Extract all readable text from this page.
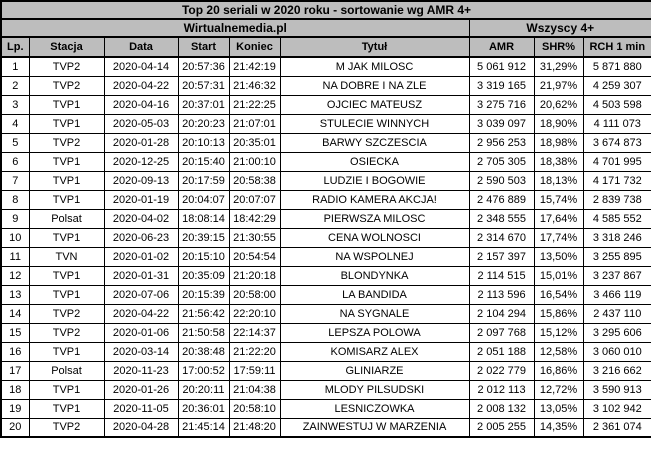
Top 20 seriali w 2020 roku - sortowanie wg AMR 4+								
Wirtualnemedia.pl						Wszyscy 4+		
Lp.	Stacja	Data	Start	Koniec	Tytuł	AMR	SHR%	RCH 1 min
1	TVP2	2020-04-14	20:57:36	21:42:19	M JAK MILOSC	5 061 912	31,29%	5 871 880
2	TVP2	2020-04-22	20:57:31	21:46:32	NA DOBRE I NA ZLE	3 319 165	21,97%	4 259 307
3	TVP1	2020-04-16	20:37:01	21:22:25	OJCIEC MATEUSZ	3 275 716	20,62%	4 503 598
4	TVP1	2020-05-03	20:20:23	21:07:01	STULECIE WINNYCH	3 039 097	18,90%	4 111 073
5	TVP2	2020-01-28	20:10:13	20:35:01	BARWY SZCZESCIA	2 956 253	18,98%	3 674 873
6	TVP1	2020-12-25	20:15:40	21:00:10	OSIECKA	2 705 305	18,38%	4 701 995
7	TVP1	2020-09-13	20:17:59	20:58:38	LUDZIE I BOGOWIE	2 590 503	18,13%	4 171 732
8	TVP1	2020-01-19	20:04:07	20:07:07	RADIO KAMERA AKCJA!	2 476 889	15,74%	2 839 738
9	Polsat	2020-04-02	18:08:14	18:42:29	PIERWSZA MILOSC	2 348 555	17,64%	4 585 552
10	TVP1	2020-06-23	20:39:15	21:30:55	CENA WOLNOSCI	2 314 670	17,74%	3 318 246
11	TVN	2020-01-02	20:15:10	20:54:54	NA WSPOLNEJ	2 157 397	13,50%	3 255 895
12	TVP1	2020-01-31	20:35:09	21:20:18	BLONDYNKA	2 114 515	15,01%	3 237 867
13	TVP1	2020-07-06	20:15:39	20:58:00	LA BANDIDA	2 113 596	16,54%	3 466 119
14	TVP2	2020-04-22	21:56:42	22:20:10	NA SYGNALE	2 104 294	15,86%	2 437 110
15	TVP2	2020-01-06	21:50:58	22:14:37	LEPSZA POLOWA	2 097 768	15,12%	3 295 606
16	TVP1	2020-03-14	20:38:48	21:22:20	KOMISARZ ALEX	2 051 188	12,58%	3 060 010
17	Polsat	2020-11-23	17:00:52	17:59:11	GLINIARZE	2 022 779	16,86%	3 216 662
18	TVP1	2020-01-26	20:20:11	21:04:38	MLODY PILSUDSKI	2 012 113	12,72%	3 590 913
19	TVP1	2020-11-05	20:36:01	20:58:10	LESNICZOWKA	2 008 132	13,05%	3 102 942
20	TVP2	2020-04-28	21:45:14	21:48:20	ZAINWESTUJ W MARZENIA	2 005 255	14,35%	2 361 074
